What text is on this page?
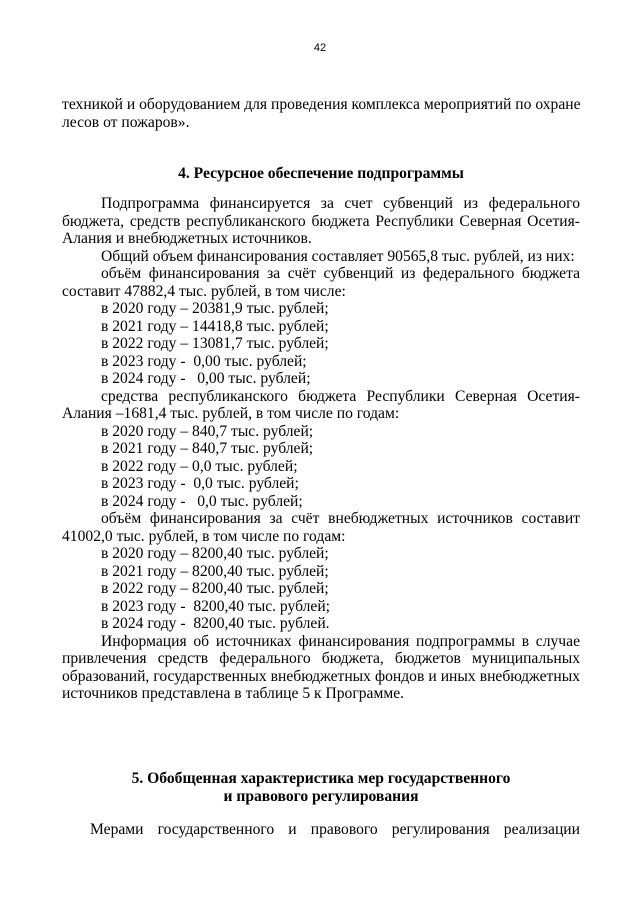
42
техникой и оборудованием для проведения комплекса мероприятий по охране
лесов от пожаров».
4. Ресурсное обеспечение подпрограммы
Подпрограмма финансируется за счет субвенций из федерального
бюджета, средств республиканского бюджета Республики Северная Осетия-
Алания и внебюджетных источников.
Общий объем финансирования составляет 90565,8 тыс. рублей, из них:
объём финансирования за счёт субвенций из федерального бюджета
составит 47882,4 тыс. рублей, в том числе:
в 2020 году – 20381,9 тыс. рублей;
в 2021 году – 14418,8 тыс. рублей;
в 2022 году – 13081,7 тыс. рублей;
в 2023 году -  0,00 тыс. рублей;
в 2024 году -   0,00 тыс. рублей;
средства республиканского бюджета Республики Северная Осетия-
Алания –1681,4 тыс. рублей, в том числе по годам:
в 2020 году – 840,7 тыс. рублей;
в 2021 году – 840,7 тыс. рублей;
в 2022 году – 0,0 тыс. рублей;
в 2023 году -  0,0 тыс. рублей;
в 2024 году -   0,0 тыс. рублей;
объём финансирования за счёт внебюджетных источников составит
41002,0 тыс. рублей, в том числе по годам:
в 2020 году – 8200,40 тыс. рублей;
в 2021 году – 8200,40 тыс. рублей;
в 2022 году – 8200,40 тыс. рублей;
в 2023 году -  8200,40 тыс. рублей;
в 2024 году -  8200,40 тыс. рублей.
Информация об источниках финансирования подпрограммы в случае
привлечения средств федерального бюджета, бюджетов муниципальных
образований, государственных внебюджетных фондов и иных внебюджетных
источников представлена в таблице 5 к Программе.
5. Обобщенная характеристика мер государственного
и правового регулирования
Мерами государственного и правового регулирования реализации
